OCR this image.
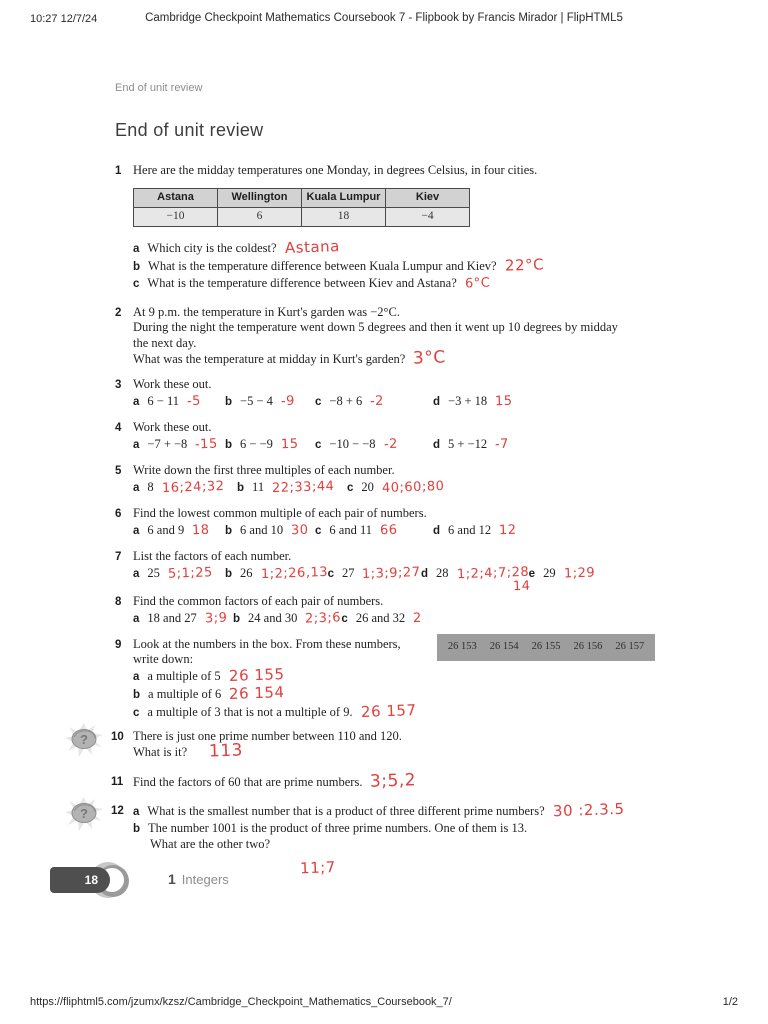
10:27 12/7/24	Cambridge Checkpoint Mathematics Coursebook 7 - Flipbook by Francis Mirador | FlipHTML5
End of unit review
End of unit review
1 Here are the midday temperatures one Monday, in degrees Celsius, in four cities.
Astana	Wellington	Kuala Lumpur	Kiev
−10	6	18	−4
a Which city is the coldest? Astana
b What is the temperature difference between Kuala Lumpur and Kiev? 22°C
c What is the temperature difference between Kiev and Astana? 6°C
2 At 9 p.m. the temperature in Kurt's garden was −2°C.
During the night the temperature went down 5 degrees and then it went up 10 degrees by midday
the next day.
What was the temperature at midday in Kurt's garden? 3°C
3 Work these out.
a 6 − 11 -5	b −5 − 4 -9	c −8 + 6 -2	d −3 + 18 15
4 Work these out.
a −7 + −8 -15 b 6 − −9 15	c −10 − −8 -2	d 5 + −12 -7
5 Write down the first three multiples of each number.
a 8 16;24;32	b 11 22;33;44	c 20 40;60;80
6 Find the lowest common multiple of each pair of numbers.
a 6 and 9 18	b 6 and 10 30 c 6 and 11 66	d 6 and 12 12
7 List the factors of each number.
a 25 5;1;25	b 26 1;2;26,13 c 27 1;3;9;27 d 28 1;2;4;7;28 e 29 1;29
14
8 Find the common factors of each pair of numbers.
a 18 and 27 3;9 b 24 and 30 2;3;6 c 26 and 32 2
9	26 153 26 154 26 155 26 156 26 157
Look at the numbers in the box. From these numbers,
write down:
a a multiple of 5 26 155
b a multiple of 6 26 154
c a multiple of 3 that is not a multiple of 9. 26 157
? 10 There is just one prime number between 110 and 120.
What is it? 113
11 Find the factors of 60 that are prime numbers. 3;5,2
? 12 a What is the smallest number that is a product of three different prime numbers? 30 :2.3.5
b The number 1001 is the product of three prime numbers. One of them is 13.
What are the other two?
11;7
18	1 Integers
https://fliphtml5.com/jzumx/kzsz/Cambridge_Checkpoint_Mathematics_Coursebook_7/	1/2
